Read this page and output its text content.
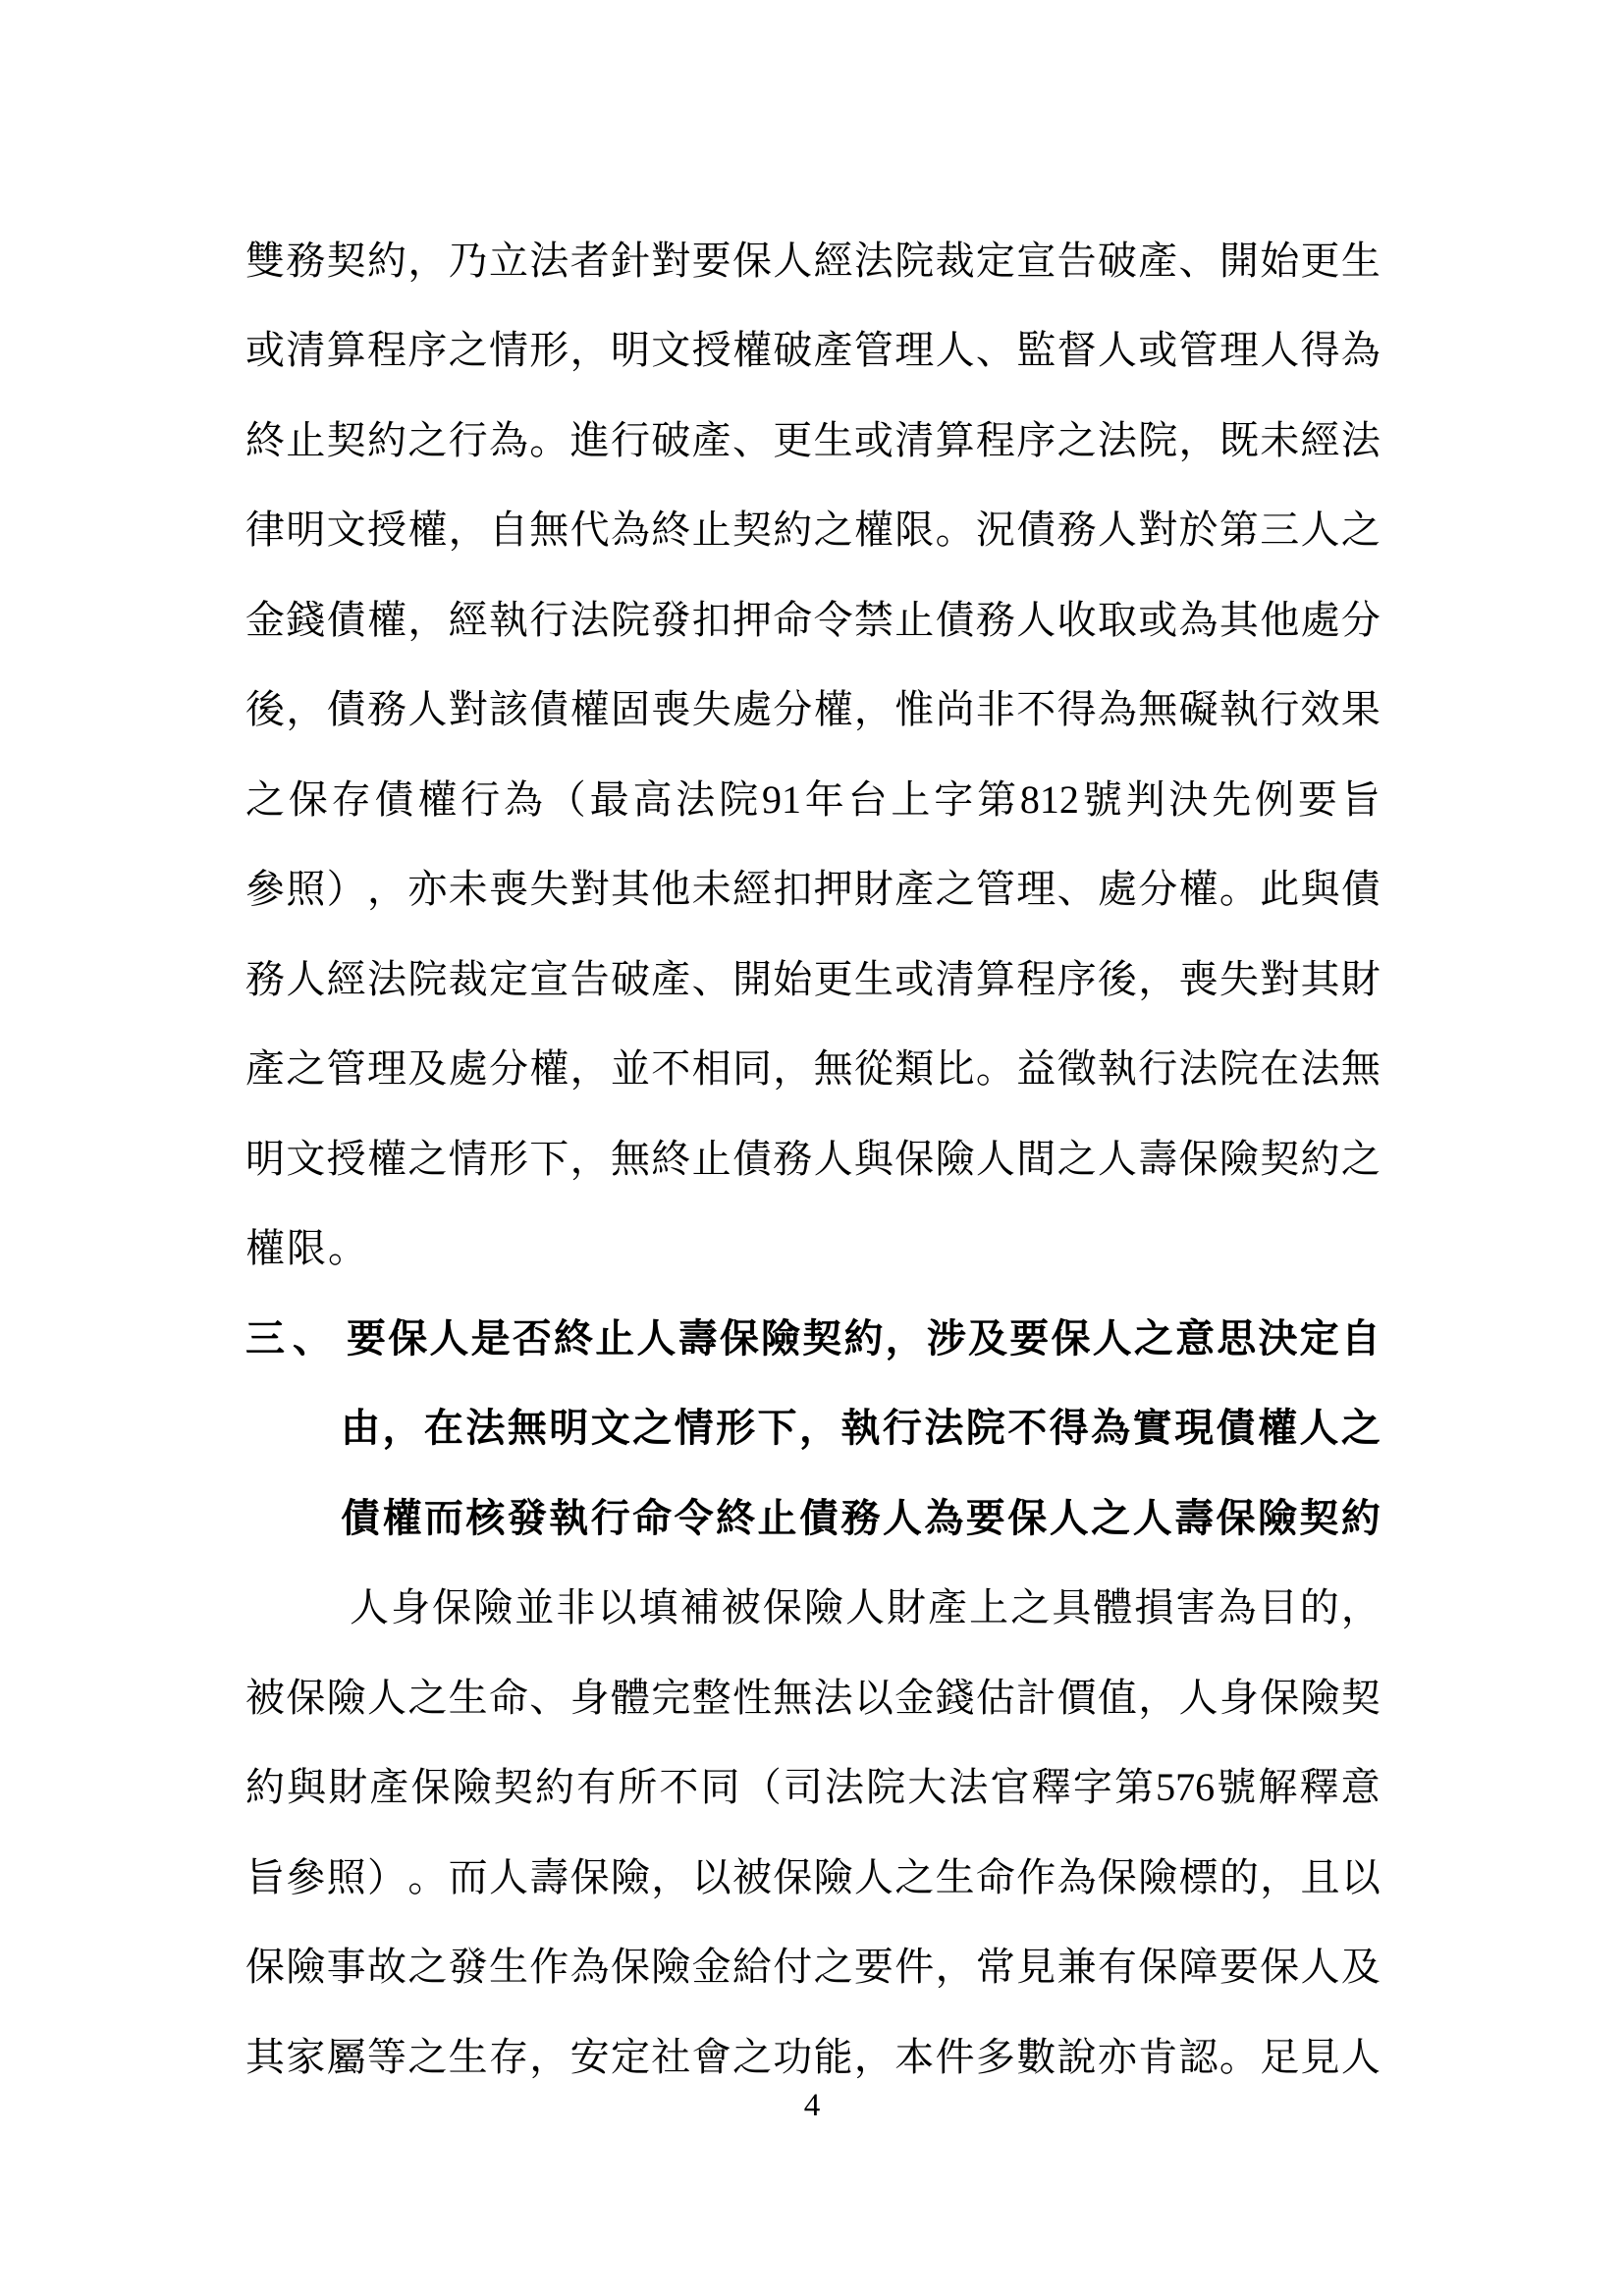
雙 務 契 約 ， 乃 立 法 者 針 對 要 保 人 經 法 院 裁 定 宣 告 破 產 、 開 始 更 生
或 清 算 程 序 之 情 形 ， 明 文 授 權 破 產 管 理 人 、 監 督 人 或 管 理 人 得 為
終 止 契 約 之 行 為 。 進 行 破 產 、 更 生 或 清 算 程 序 之 法 院 ， 既 未 經 法
律 明 文 授 權 ， 自 無 代 為 終 止 契 約 之 權 限 。 況 債 務 人 對 於 第 三 人 之
金 錢 債 權 ， 經 執 行 法 院 發 扣 押 命 令 禁 止 債 務 人 收 取 或 為 其 他 處 分
後 ， 債 務 人 對 該 債 權 固 喪 失 處 分 權 ， 惟 尚 非 不 得 為 無 礙 執 行 效 果
之 保 存 債 權 行 為 （ 最 高 法 院 91 年 台 上 字 第 812 號 判 決 先 例 要 旨
參 照 ） ， 亦 未 喪 失 對 其 他 未 經 扣 押 財 產 之 管 理 、 處 分 權 。 此 與 債
務 人 經 法 院 裁 定 宣 告 破 產 、 開 始 更 生 或 清 算 程 序 後 ， 喪 失 對 其 財
產 之 管 理 及 處 分 權 ， 並 不 相 同 ， 無 從 類 比 。 益 徵 執 行 法 院 在 法 無
明 文 授 權 之 情 形 下 ， 無 終 止 債 務 人 與 保 險 人 間 之 人 壽 保 險 契 約 之
權 限 。
三、 要 保 人 是 否 終 止 人 壽 保 險 契 約 ， 涉 及 要 保 人 之 意 思 決 定 自
由 ， 在 法 無 明 文 之 情 形 下 ， 執 行 法 院 不 得 為 實 現 債 權 人 之
債 權 而 核 發 執 行 命 令 終 止 債 務 人 為 要 保 人 之 人 壽 保 險 契 約
人 身 保 險 並 非 以 填 補 被 保 險 人 財 產 上 之 具 體 損 害 為 目 的 ，
被 保 險 人 之 生 命 、 身 體 完 整 性 無 法 以 金 錢 估 計 價 值 ， 人 身 保 險 契
約 與 財 產 保 險 契 約 有 所 不 同 （ 司 法 院 大 法 官 釋 字 第 576 號 解 釋 意
旨 參 照 ） 。 而 人 壽 保 險 ， 以 被 保 險 人 之 生 命 作 為 保 險 標 的 ， 且 以
保 險 事 故 之 發 生 作 為 保 險 金 給 付 之 要 件 ， 常 見 兼 有 保 障 要 保 人 及
其 家 屬 等 之 生 存 ， 安 定 社 會 之 功 能 ， 本 件 多 數 說 亦 肯 認 。 足 見 人
4
